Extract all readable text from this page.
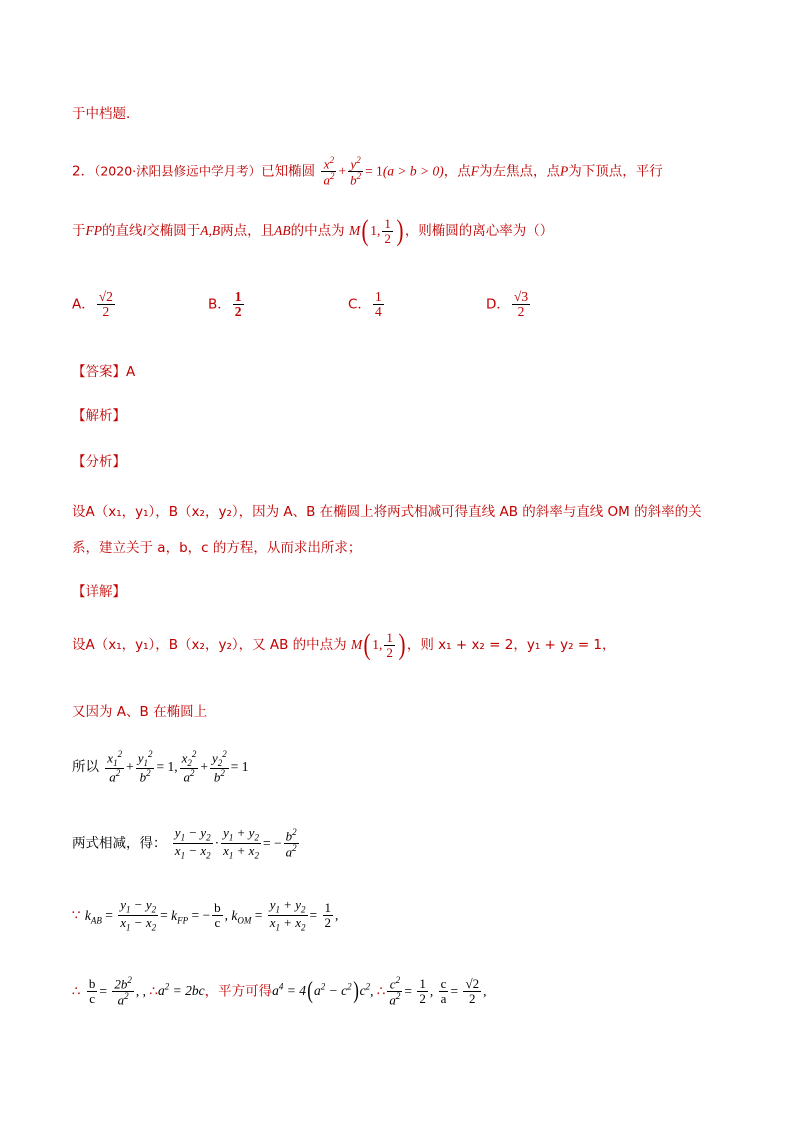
于中档题．
2．（2020·沭阳县修远中学月考）已知椭圆 $\frac{x^2}{a^2} + \frac{y^2}{b^2} = 1(a > b > 0)$，点F为左焦点，点P为下顶点，平行
于FP的直线l交椭圆于A,B两点，且AB的中点为 M( 1, $\frac{1}{2}$ ) ，则椭圆的离心率为（）
A． $\frac{√2}{2}$	B． $\frac{1}{2}$	C． $\frac{1}{4}$	D． $\frac{√3}{2}$
【答案】A
【解析】
【分析】
设A（x₁，y₁），B（x₂，y₂），因为 A、B 在椭圆上将两式相减可得直线 AB 的斜率与直线 OM 的斜率的关
系，建立关于 a，b，c 的方程，从而求出所求；
【详解】
设A（x₁，y₁），B（x₂，y₂），又 AB 的中点为 M( 1, $\frac{1}{2}$ ) ，则 x₁ + x₂ = 2，y₁ + y₂ = 1，
又因为 A、B 在椭圆上
所以 $\frac{x_1^2}{a^2} + \frac{y_1^2}{b^2} = 1$, $\frac{x_2^2}{a^2} + \frac{y_2^2}{b^2} = 1$
两式相减，得： $\frac{y_1 - y_2}{x_1 - x_2} \cdot \frac{y_1 + y_2}{x_1 + x_2}$ = − $\frac{b^2}{a^2}$
∵ $k_{AB} = \frac{y_1 - y_2}{x_1 - x_2} = k_{FP}$ = − $\frac{b}{c}$ , $k_{OM} = \frac{y_1 + y_2}{x_1 + x_2} = \frac{1}{2}$ ,
∴ $\frac{b}{c} = \frac{2b^2}{a^2}$ , , $\therefore a^2 = 2bc$，平方可得$a^4 = 4(a^2 - c^2)c^2$, ∴ $\frac{c^2}{a^2} = \frac{1}{2}$ , $\frac{c}{a} = \frac{√2}{2}$ ,
